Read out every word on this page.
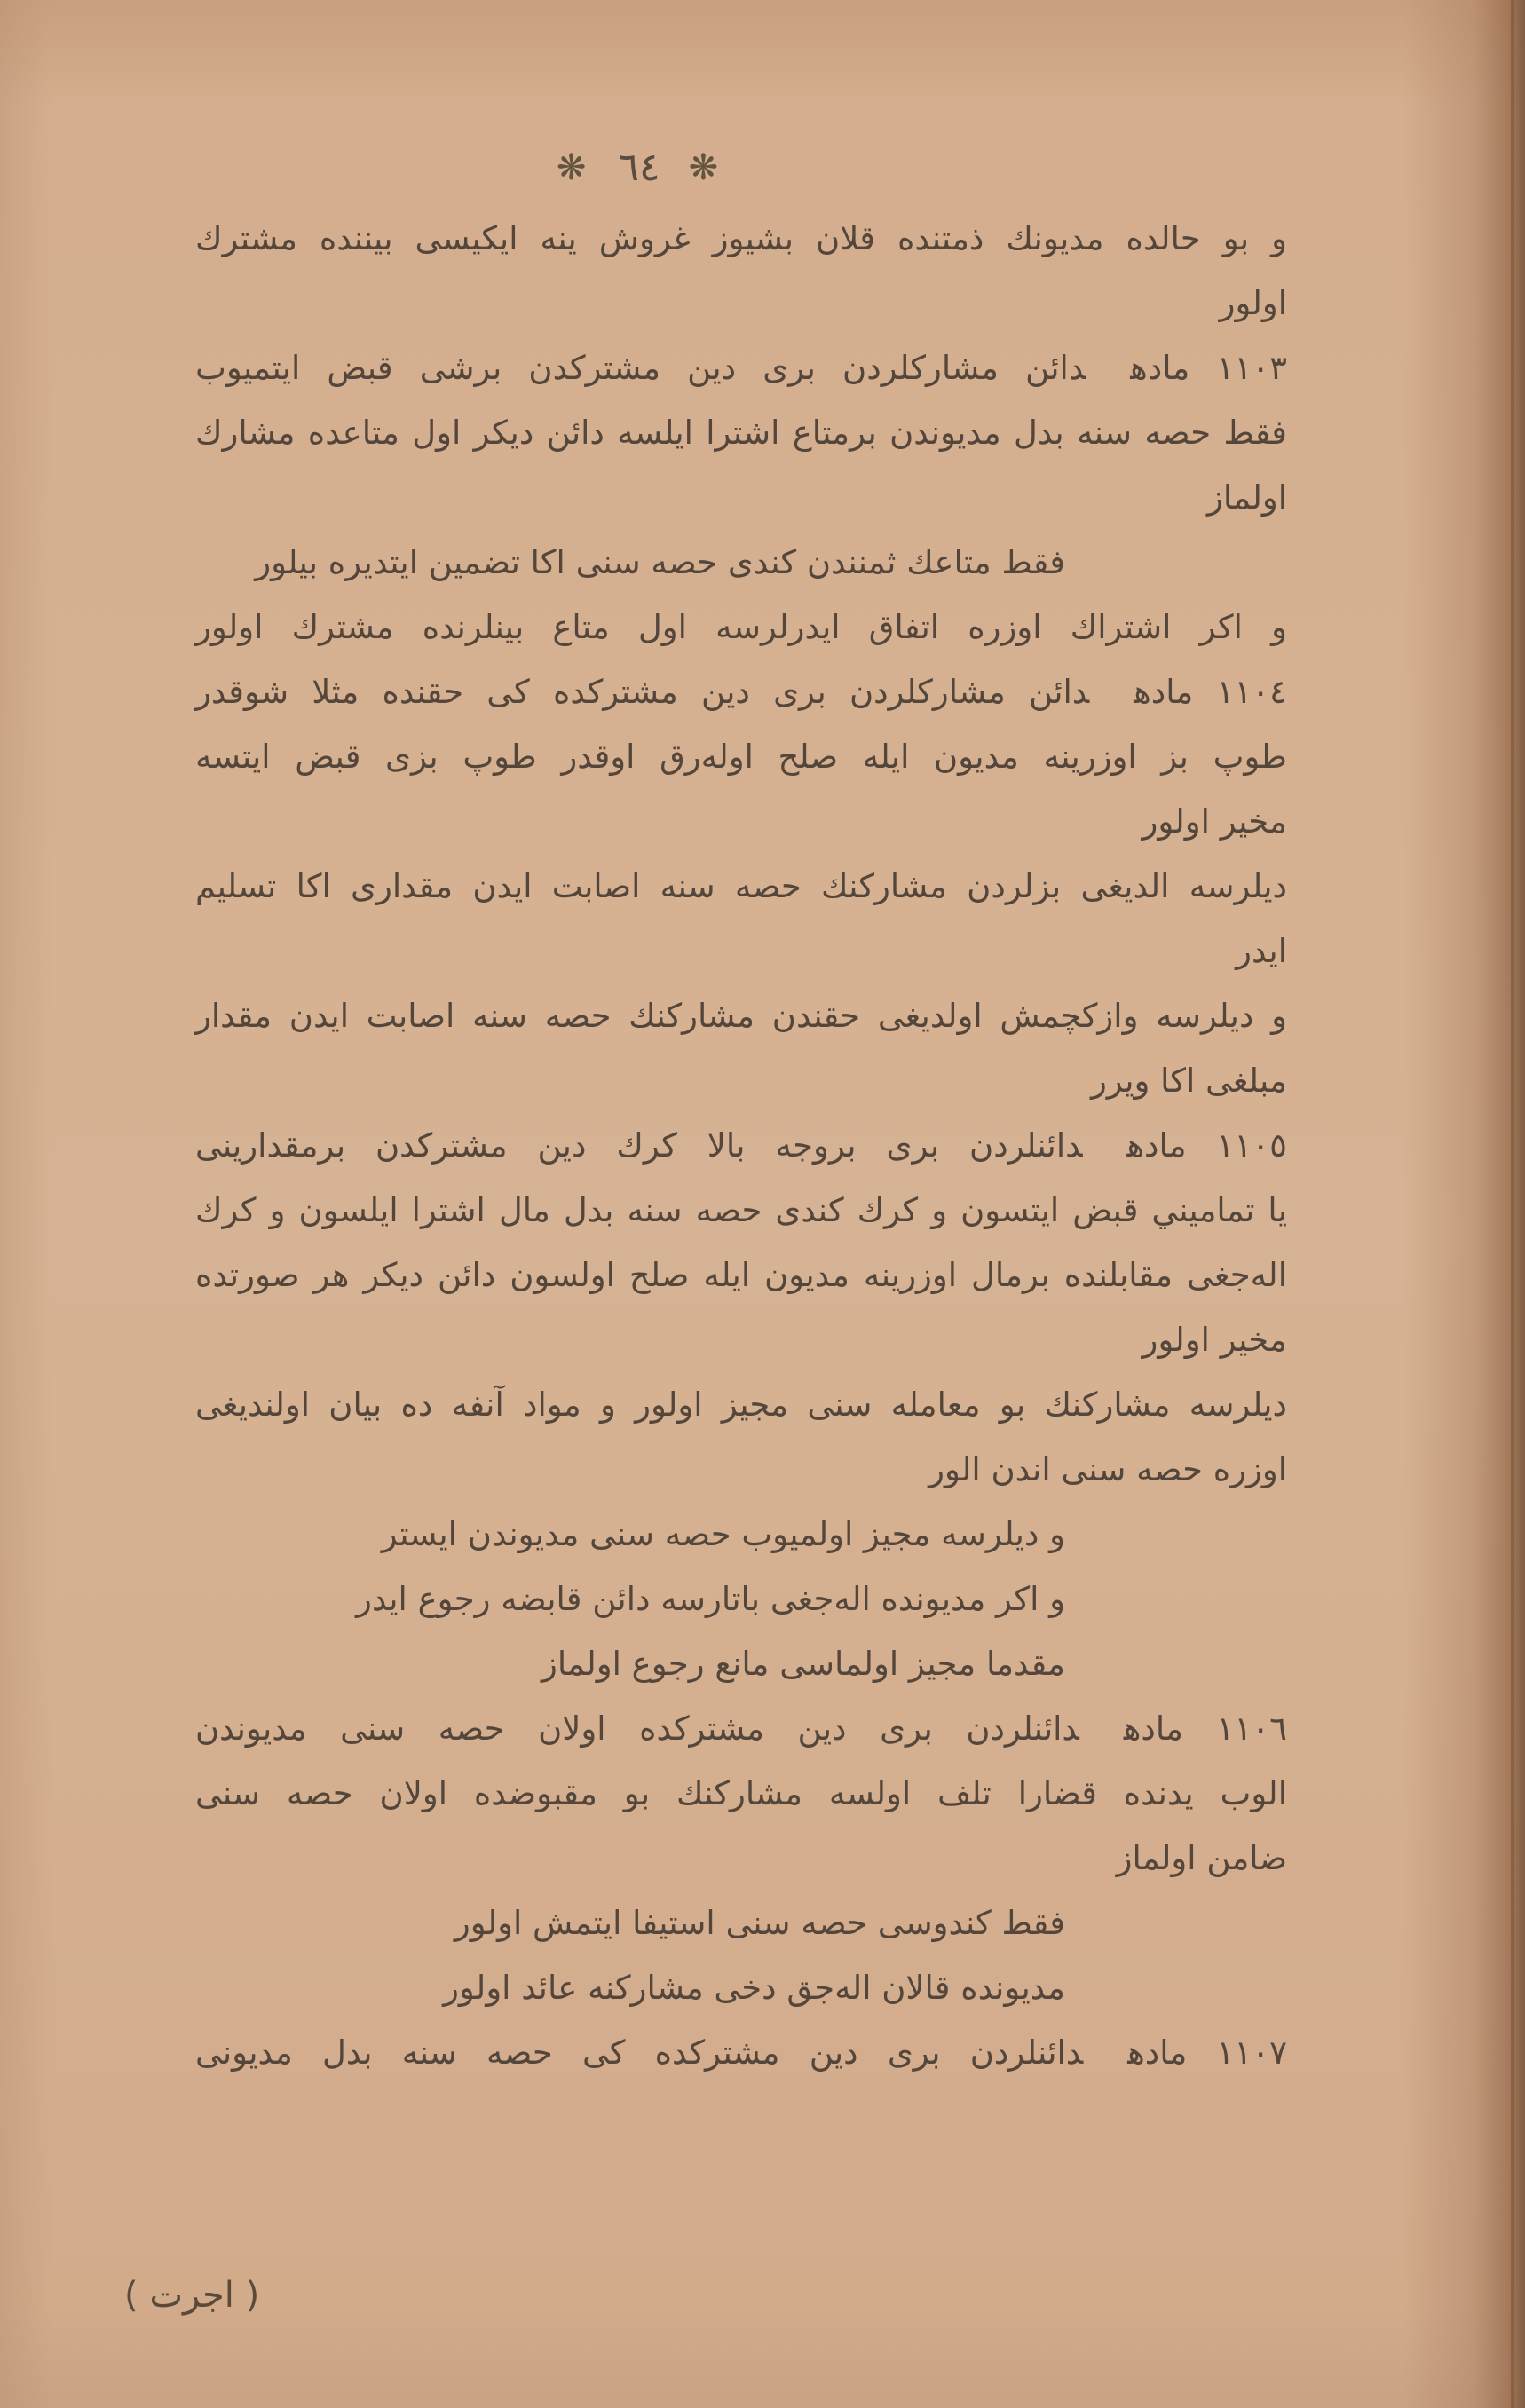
❋ ٦٤ ❋
و بو حالده مديونك ذمتنده قلان بشيوز غروش ينه ايكيسى بيننده مشترك
اولور
١١٠٣ مادهدائن مشاركلردن برى دين مشتركدن برشى قبض ايتميوب
فقط حصه سنه بدل مديوندن برمتاع اشترا ايلسه دائن ديكر اول متاعده مشارك
اولماز
فقط متاعك ثمنندن كندى حصه سنى اكا تضمين ايتديره بيلور
و اكر اشتراك اوزره اتفاق ايدرلرسه اول متاع بينلرنده مشترك اولور
١١٠٤ مادهدائن مشاركلردن برى دين مشتركده كى حقنده مثلا شوقدر
طوپ بز اوزرينه مديون ايله صلح اولەرق اوقدر طوپ بزى قبض ايتسه
مخير اولور
ديلرسه الديغى بزلردن مشاركنك حصه سنه اصابت ايدن مقدارى اكا تسليم
ايدر
و ديلرسه وازكچمش اولديغى حقندن مشاركنك حصه سنه اصابت ايدن مقدار
مبلغى اكا ويرر
١١٠٥ مادهدائنلردن برى بروجه بالا كرك دين مشتركدن برمقدارينى
يا تماميني قبض ايتسون و كرك كندى حصه سنه بدل مال اشترا ايلسون و كرك
الەجغى مقابلنده برمال اوزرينه مديون ايله صلح اولسون دائن ديكر هر صورتده
مخير اولور
ديلرسه مشاركنك بو معامله سنى مجيز اولور و مواد آنفه ده بيان اولنديغى
اوزره حصه سنى اندن الور
و ديلرسه مجيز اولميوب حصه سنى مديوندن ايستر
و اكر مديونده الەجغى باتارسه دائن قابضه رجوع ايدر
مقدما مجيز اولماسى مانع رجوع اولماز
١١٠٦ مادهدائنلردن برى دين مشتركده اولان حصه سنى مديوندن
الوب يدنده قضارا تلف اولسه مشاركنك بو مقبوضده اولان حصه سنى
ضامن اولماز
فقط كندوسى حصه سنى استيفا ايتمش اولور
مديونده قالان الەجق دخى مشاركنه عائد اولور
١١٠٧ مادهدائنلردن برى دين مشتركده كى حصه سنه بدل مديونى
( اجرت )
